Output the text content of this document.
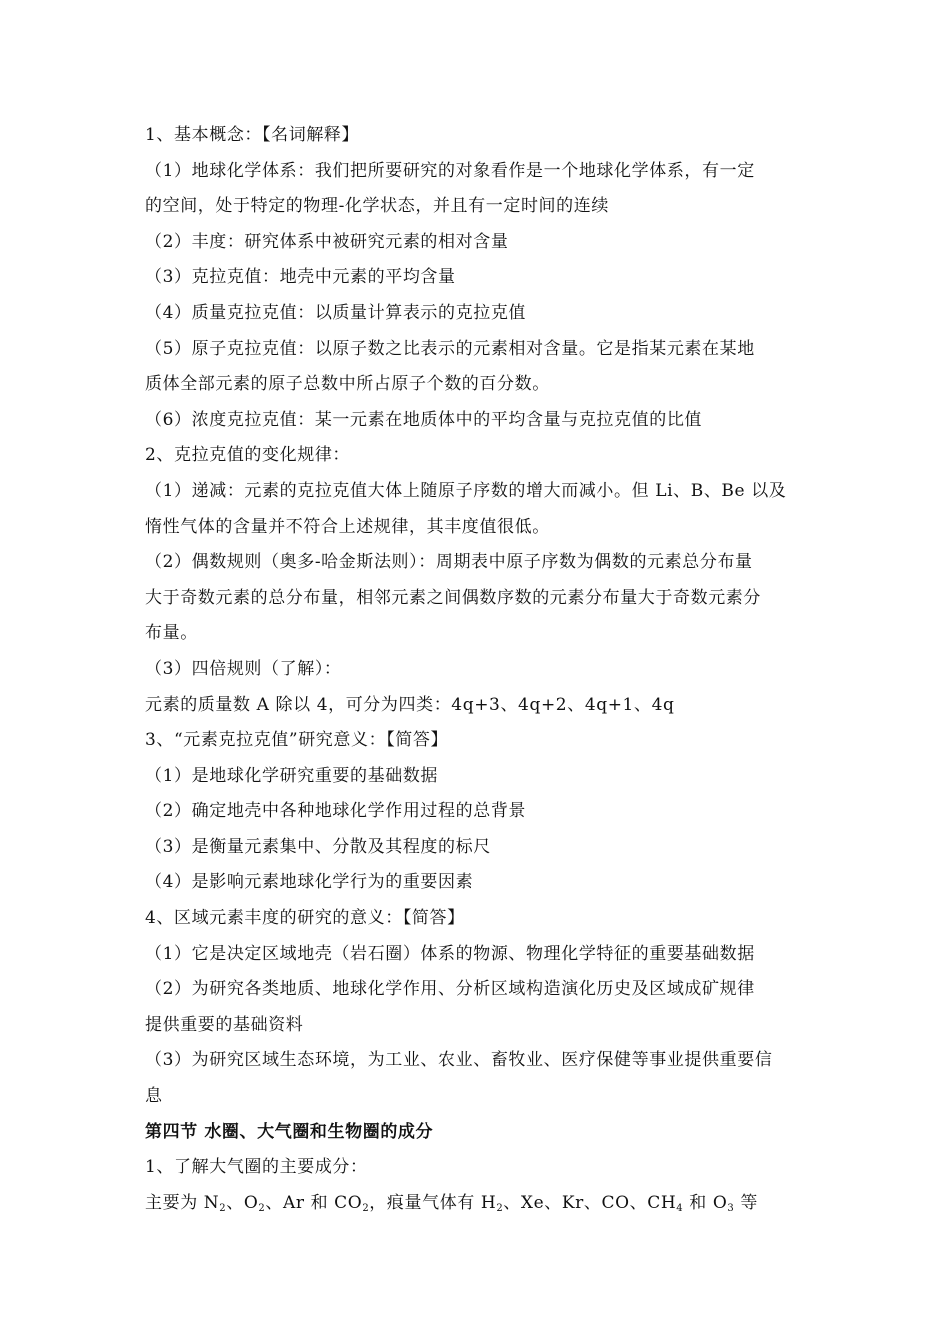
1、基本概念：【名词解释】
（1）地球化学体系：我们把所要研究的对象看作是一个地球化学体系，有一定
的空间，处于特定的物理-化学状态，并且有一定时间的连续
（2）丰度：研究体系中被研究元素的相对含量
（3）克拉克值：地壳中元素的平均含量
（4）质量克拉克值：以质量计算表示的克拉克值
（5）原子克拉克值：以原子数之比表示的元素相对含量。它是指某元素在某地
质体全部元素的原子总数中所占原子个数的百分数。
（6）浓度克拉克值：某一元素在地质体中的平均含量与克拉克值的比值
2、克拉克值的变化规律：
（1）递减：元素的克拉克值大体上随原子序数的增大而减小。但 Li、B、Be 以及
惰性气体的含量并不符合上述规律，其丰度值很低。
（2）偶数规则（奥多-哈金斯法则）：周期表中原子序数为偶数的元素总分布量
大于奇数元素的总分布量，相邻元素之间偶数序数的元素分布量大于奇数元素分
布量。
（3）四倍规则（了解）：
元素的质量数 A 除以 4，可分为四类：4q+3、4q+2、4q+1、4q
3、“元素克拉克值”研究意义：【简答】
（1）是地球化学研究重要的基础数据
（2）确定地壳中各种地球化学作用过程的总背景
（3）是衡量元素集中、分散及其程度的标尺
（4）是影响元素地球化学行为的重要因素
4、区域元素丰度的研究的意义：【简答】
（1）它是决定区域地壳（岩石圈）体系的物源、物理化学特征的重要基础数据
（2）为研究各类地质、地球化学作用、分析区域构造演化历史及区域成矿规律
提供重要的基础资料
（3）为研究区域生态环境，为工业、农业、畜牧业、医疗保健等事业提供重要信
息
第四节 水圈、大气圈和生物圈的成分
1、了解大气圈的主要成分：
主要为 $N_2$、$O_2$、Ar 和 $CO_2$，痕量气体有 $H_2$、Xe、Kr、CO、$CH_4$ 和 $O_3$ 等
